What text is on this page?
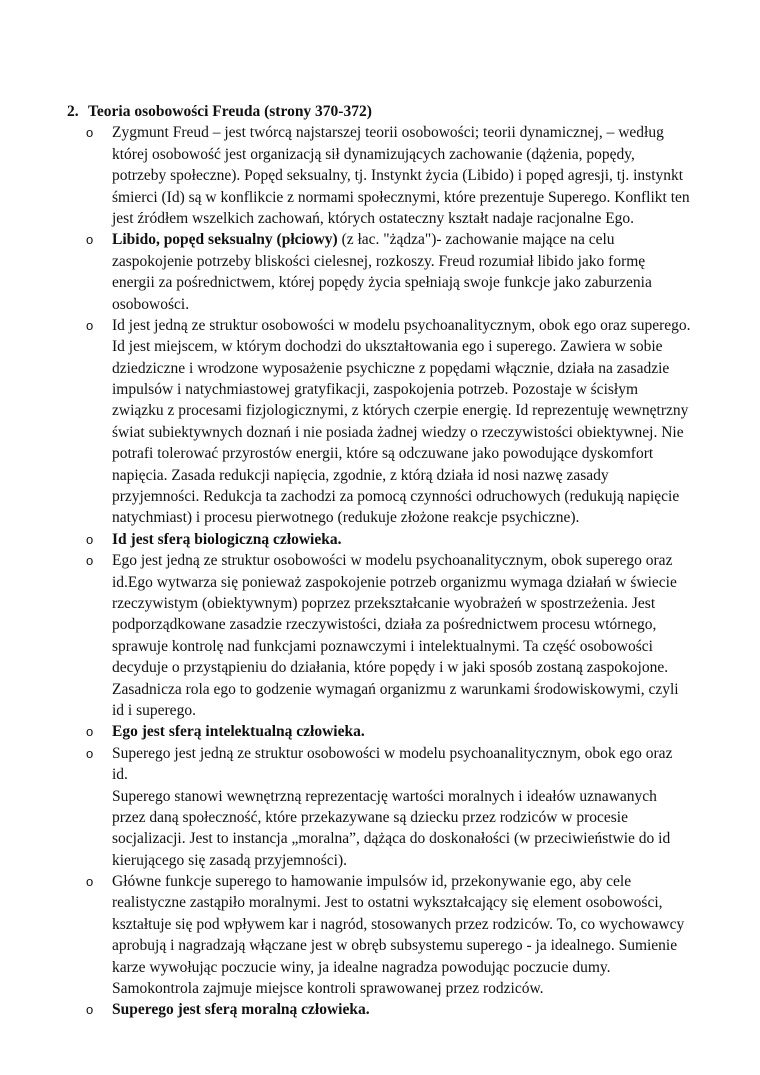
2. Teoria osobowości Freuda (strony 370-372)
o Zygmunt Freud – jest twórcą najstarszej teorii osobowości; teorii dynamicznej, – według
której osobowość jest organizacją sił dynamizujących zachowanie (dążenia, popędy,
potrzeby społeczne). Popęd seksualny, tj. Instynkt życia (Libido) i popęd agresji, tj. instynkt
śmierci (Id) są w konflikcie z normami społecznymi, które prezentuje Superego. Konflikt ten
jest źródłem wszelkich zachowań, których ostateczny kształt nadaje racjonalne Ego.
o Libido, popęd seksualny (płciowy) (z łac. "żądza")- zachowanie mające na celu
zaspokojenie potrzeby bliskości cielesnej, rozkoszy. Freud rozumiał libido jako formę
energii za pośrednictwem, której popędy życia spełniają swoje funkcje jako zaburzenia
osobowości.
o Id jest jedną ze struktur osobowości w modelu psychoanalitycznym, obok ego oraz superego.
Id jest miejscem, w którym dochodzi do ukształtowania ego i superego. Zawiera w sobie
dziedziczne i wrodzone wyposażenie psychiczne z popędami włącznie, działa na zasadzie
impulsów i natychmiastowej gratyfikacji, zaspokojenia potrzeb. Pozostaje w ścisłym
związku z procesami fizjologicznymi, z których czerpie energię. Id reprezentuję wewnętrzny
świat subiektywnych doznań i nie posiada żadnej wiedzy o rzeczywistości obiektywnej. Nie
potrafi tolerować przyrostów energii, które są odczuwane jako powodujące dyskomfort
napięcia. Zasada redukcji napięcia, zgodnie, z którą działa id nosi nazwę zasady
przyjemności. Redukcja ta zachodzi za pomocą czynności odruchowych (redukują napięcie
natychmiast) i procesu pierwotnego (redukuje złożone reakcje psychiczne).
o Id jest sferą biologiczną człowieka.
o Ego jest jedną ze struktur osobowości w modelu psychoanalitycznym, obok superego oraz
id.Ego wytwarza się ponieważ zaspokojenie potrzeb organizmu wymaga działań w świecie
rzeczywistym (obiektywnym) poprzez przekształcanie wyobrażeń w spostrzeżenia. Jest
podporządkowane zasadzie rzeczywistości, działa za pośrednictwem procesu wtórnego,
sprawuje kontrolę nad funkcjami poznawczymi i intelektualnymi. Ta część osobowości
decyduje o przystąpieniu do działania, które popędy i w jaki sposób zostaną zaspokojone.
Zasadnicza rola ego to godzenie wymagań organizmu z warunkami środowiskowymi, czyli
id i superego.
o Ego jest sferą intelektualną człowieka.
o Superego jest jedną ze struktur osobowości w modelu psychoanalitycznym, obok ego oraz
id.
Superego stanowi wewnętrzną reprezentację wartości moralnych i ideałów uznawanych
przez daną społeczność, które przekazywane są dziecku przez rodziców w procesie
socjalizacji. Jest to instancja „moralna”, dążąca do doskonałości (w przeciwieństwie do id
kierującego się zasadą przyjemności).
o Główne funkcje superego to hamowanie impulsów id, przekonywanie ego, aby cele
realistyczne zastąpiło moralnymi. Jest to ostatni wykształcający się element osobowości,
kształtuje się pod wpływem kar i nagród, stosowanych przez rodziców. To, co wychowawcy
aprobują i nagradzają włączane jest w obręb subsystemu superego - ja idealnego. Sumienie
karze wywołując poczucie winy, ja idealne nagradza powodując poczucie dumy.
Samokontrola zajmuje miejsce kontroli sprawowanej przez rodziców.
o Superego jest sferą moralną człowieka.
